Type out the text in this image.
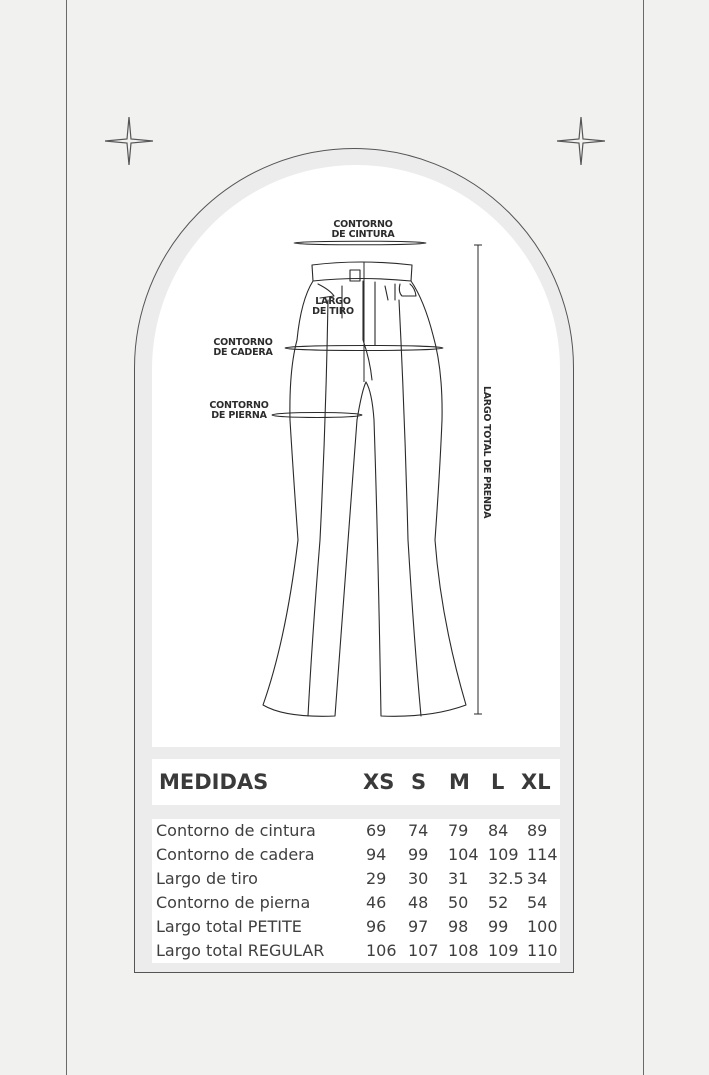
CONTORNO
DE CINTURA
LARGO
DE TIRO
CONTORNO
DE CADERA
CONTORNO
DE PIERNA	LARGO TOTAL DE PRENDA
MEDIDAS	XS S M L XL
Contorno de cintura	69 74 79 84 89
Contorno de cadera	94 99 104 109 114
Largo de tiro	29 30 31 32.5 34
Contorno de pierna	46 48 50 52 54
Largo total PETITE	96 97 98 99 100
Largo total REGULAR	106 107 108 109 110
